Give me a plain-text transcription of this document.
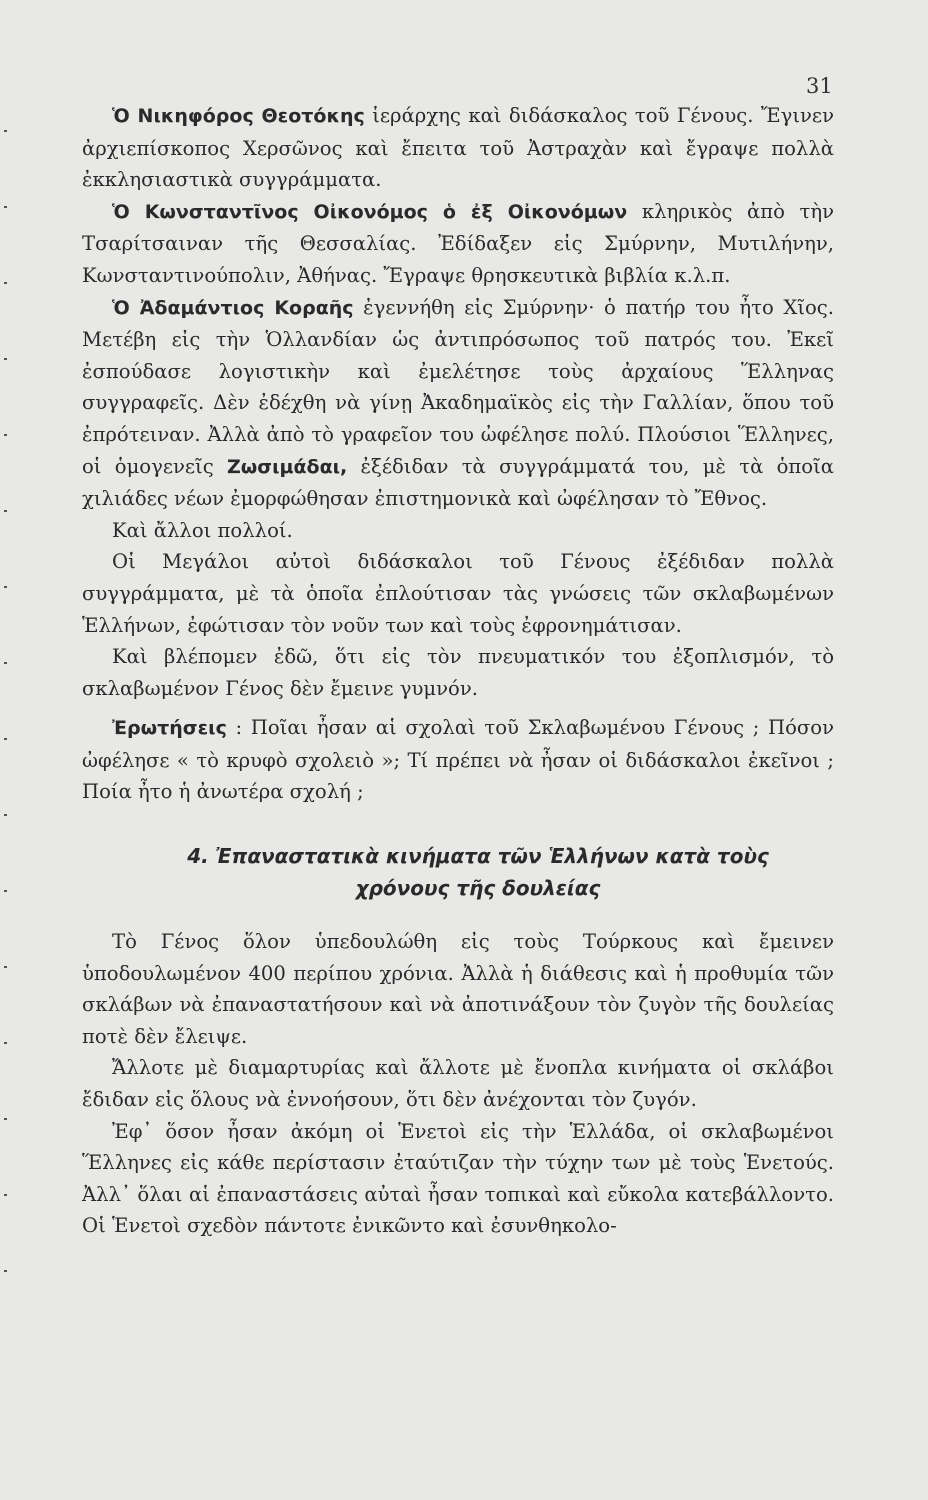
31

Ὁ Νικηφόρος Θεοτόκης ἱεράρχης καὶ διδάσκαλος τοῦ Γένους. Ἔγινεν ἀρχιεπίσκοπος Χερσῶνος καὶ ἔπειτα τοῦ Ἀστραχὰν καὶ ἔγραψε πολλὰ ἐκκλησιαστικὰ συγγράμματα.

Ὁ Κωνσταντῖνος Οἰκονόμος ὁ ἐξ Οἰκονόμων κληρικὸς ἀπὸ τὴν Τσαρίτσαιναν τῆς Θεσσαλίας. Ἐδίδαξεν εἰς Σμύρνην, Μυτιλήνην, Κωνσταντινούπολιν, Ἀθήνας. Ἔγραψε θρησκευτικὰ βιβλία κ.λ.π.

Ὁ Ἀδαμάντιος Κοραῆς ἐγεννήθη εἰς Σμύρνην· ὁ πατήρ του ἦτο Χῖος. Μετέβη εἰς τὴν Ὁλλανδίαν ὡς ἀντιπρόσωπος τοῦ πατρός του. Ἐκεῖ ἐσπούδασε λογιστικὴν καὶ ἐμελέτησε τοὺς ἀρχαίους Ἕλληνας συγγραφεῖς. Δὲν ἐδέχθη νὰ γίνῃ Ἀκαδημαϊκὸς εἰς τὴν Γαλλίαν, ὅπου τοῦ ἐπρότειναν. Ἀλλὰ ἀπὸ τὸ γραφεῖον του ὠφέλησε πολύ. Πλούσιοι Ἕλληνες, οἱ ὁμογενεῖς Ζωσιμάδαι, ἐξέδιδαν τὰ συγγράμματά του, μὲ τὰ ὁποῖα χιλιάδες νέων ἐμορφώθησαν ἐπιστημονικὰ καὶ ὠφέλησαν τὸ Ἔθνος.

Καὶ ἄλλοι πολλοί.

Οἱ Μεγάλοι αὐτοὶ διδάσκαλοι τοῦ Γένους ἐξέδιδαν πολλὰ συγγράμματα, μὲ τὰ ὁποῖα ἐπλούτισαν τὰς γνώσεις τῶν σκλαβωμένων Ἑλλήνων, ἐφώτισαν τὸν νοῦν των καὶ τοὺς ἐφρονημάτισαν.

Καὶ βλέπομεν ἐδῶ, ὅτι εἰς τὸν πνευματικόν του ἐξοπλισμόν, τὸ σκλαβωμένον Γένος δὲν ἔμεινε γυμνόν.

Ἐρωτήσεις : Ποῖαι ἦσαν αἱ σχολαὶ τοῦ Σκλαβωμένου Γένους ; Πόσον ὠφέλησε « τὸ κρυφὸ σχολειὸ »; Τί πρέπει νὰ ἦσαν οἱ διδάσκαλοι ἐκεῖνοι ; Ποία ἦτο ἡ ἀνωτέρα σχολή ;

4. Ἐπαναστατικὰ κινήματα τῶν Ἑλλήνων κατὰ τοὺς
χρόνους τῆς δουλείας

Τὸ Γένος ὅλον ὑπεδουλώθη εἰς τοὺς Τούρκους καὶ ἔμεινεν ὑποδουλωμένον 400 περίπου χρόνια. Ἀλλὰ ἡ διάθεσις καὶ ἡ προθυμία τῶν σκλάβων νὰ ἐπαναστατήσουν καὶ νὰ ἀποτινάξουν τὸν ζυγὸν τῆς δουλείας ποτὲ δὲν ἔλειψε.

Ἄλλοτε μὲ διαμαρτυρίας καὶ ἄλλοτε μὲ ἔνοπλα κινήματα οἱ σκλάβοι ἔδιδαν εἰς ὅλους νὰ ἐννοήσουν, ὅτι δὲν ἀνέχονται τὸν ζυγόν.

Ἐφ᾽ ὅσον ἦσαν ἀκόμη οἱ Ἑνετοὶ εἰς τὴν Ἑλλάδα, οἱ σκλαβωμένοι Ἕλληνες εἰς κάθε περίστασιν ἐταύτιζαν τὴν τύχην των μὲ τοὺς Ἑνετούς. Ἀλλ᾽ ὅλαι αἱ ἐπαναστάσεις αὐταὶ ἦσαν τοπικαὶ καὶ εὔκολα κατεβάλλοντο. Οἱ Ἑνετοὶ σχεδὸν πάντοτε ἐνικῶντο καὶ ἐσυνθηκολο-
